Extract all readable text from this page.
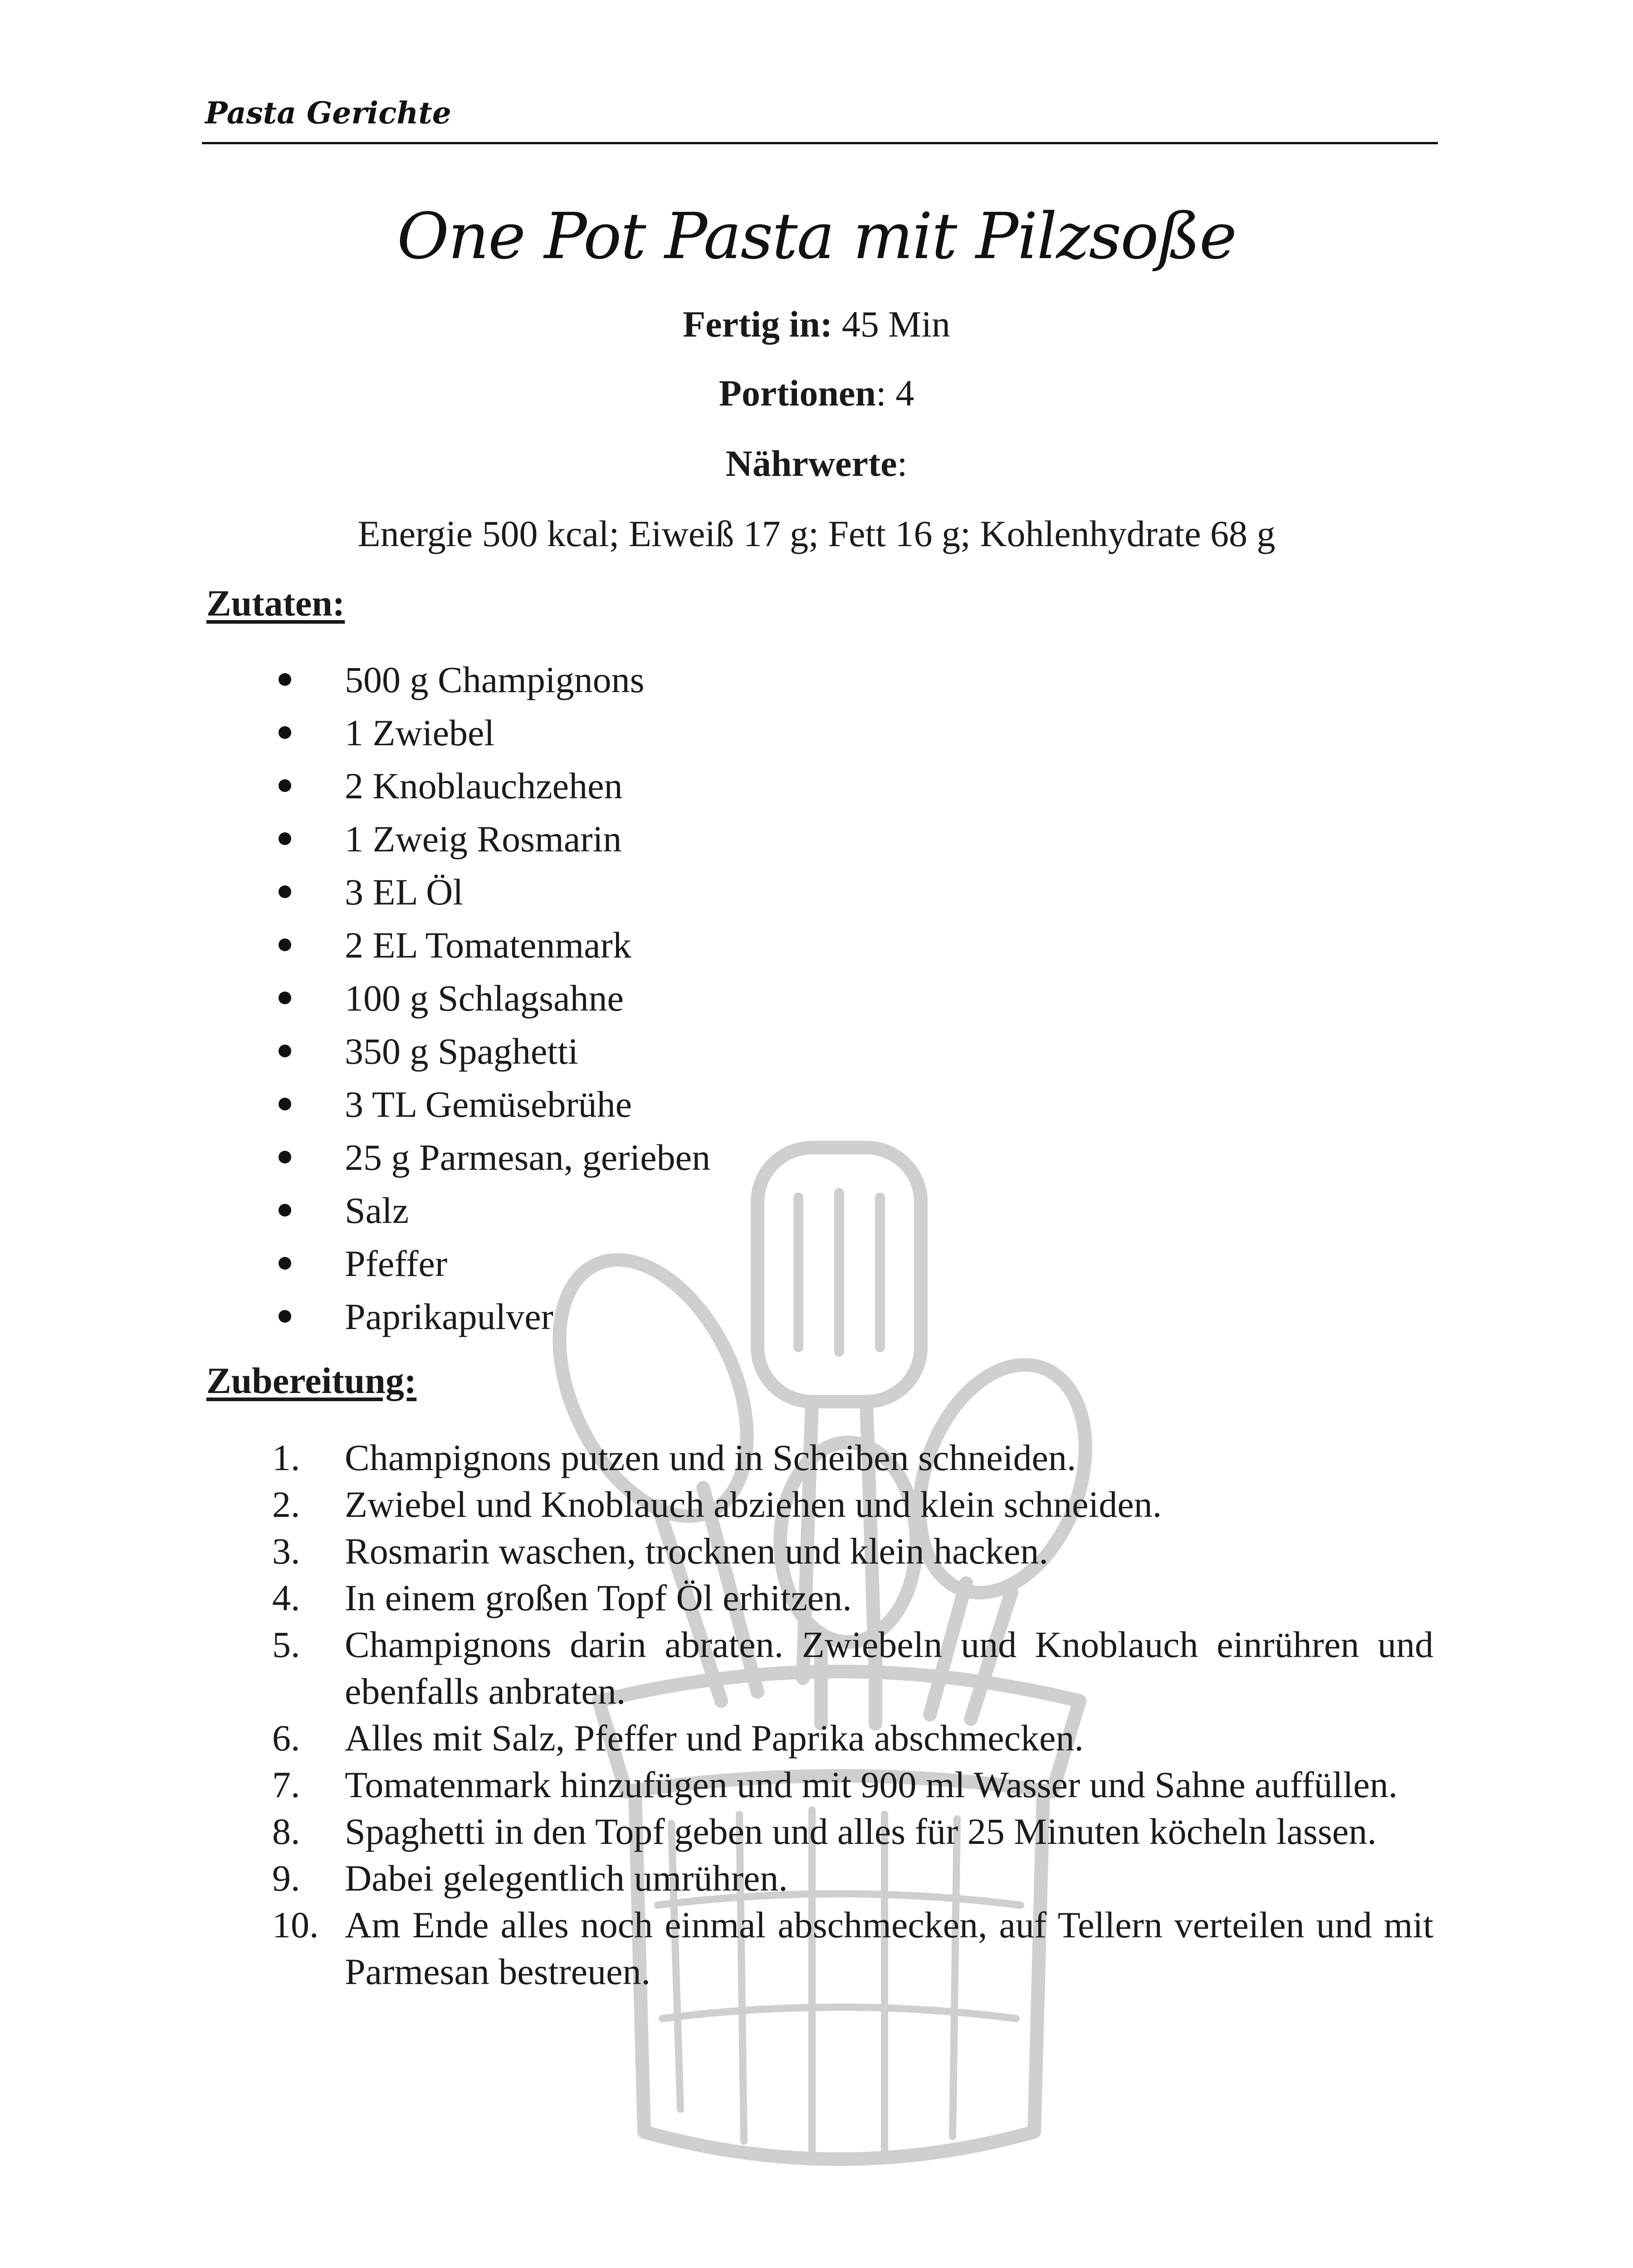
Pasta Gerichte
One Pot Pasta mit Pilzsoße
Fertig in: 45 Min
Portionen: 4
Nährwerte:
Energie 500 kcal; Eiweiß 17 g; Fett 16 g; Kohlenhydrate 68 g
Zutaten:
500 g Champignons
1 Zwiebel
2 Knoblauchzehen
1 Zweig Rosmarin
3 EL Öl
2 EL Tomatenmark
100 g Schlagsahne
350 g Spaghetti
3 TL Gemüsebrühe
25 g Parmesan, gerieben
Salz
Pfeffer
Paprikapulver
Zubereitung:
1.	Champignons putzen und in Scheiben schneiden.
2.	Zwiebel und Knoblauch abziehen und klein schneiden.
3.	Rosmarin waschen, trocknen und klein hacken.
4.	In einem großen Topf Öl erhitzen.
5.	Champignons darin abraten. Zwiebeln und Knoblauch einrühren und ebenfalls anbraten.
6.	Alles mit Salz, Pfeffer und Paprika abschmecken.
7.	Tomatenmark hinzufügen und mit 900 ml Wasser und Sahne auffüllen.
8.	Spaghetti in den Topf geben und alles für 25 Minuten köcheln lassen.
9.	Dabei gelegentlich umrühren.
10. Am Ende alles noch einmal abschmecken, auf Tellern verteilen und mit Parmesan bestreuen.
